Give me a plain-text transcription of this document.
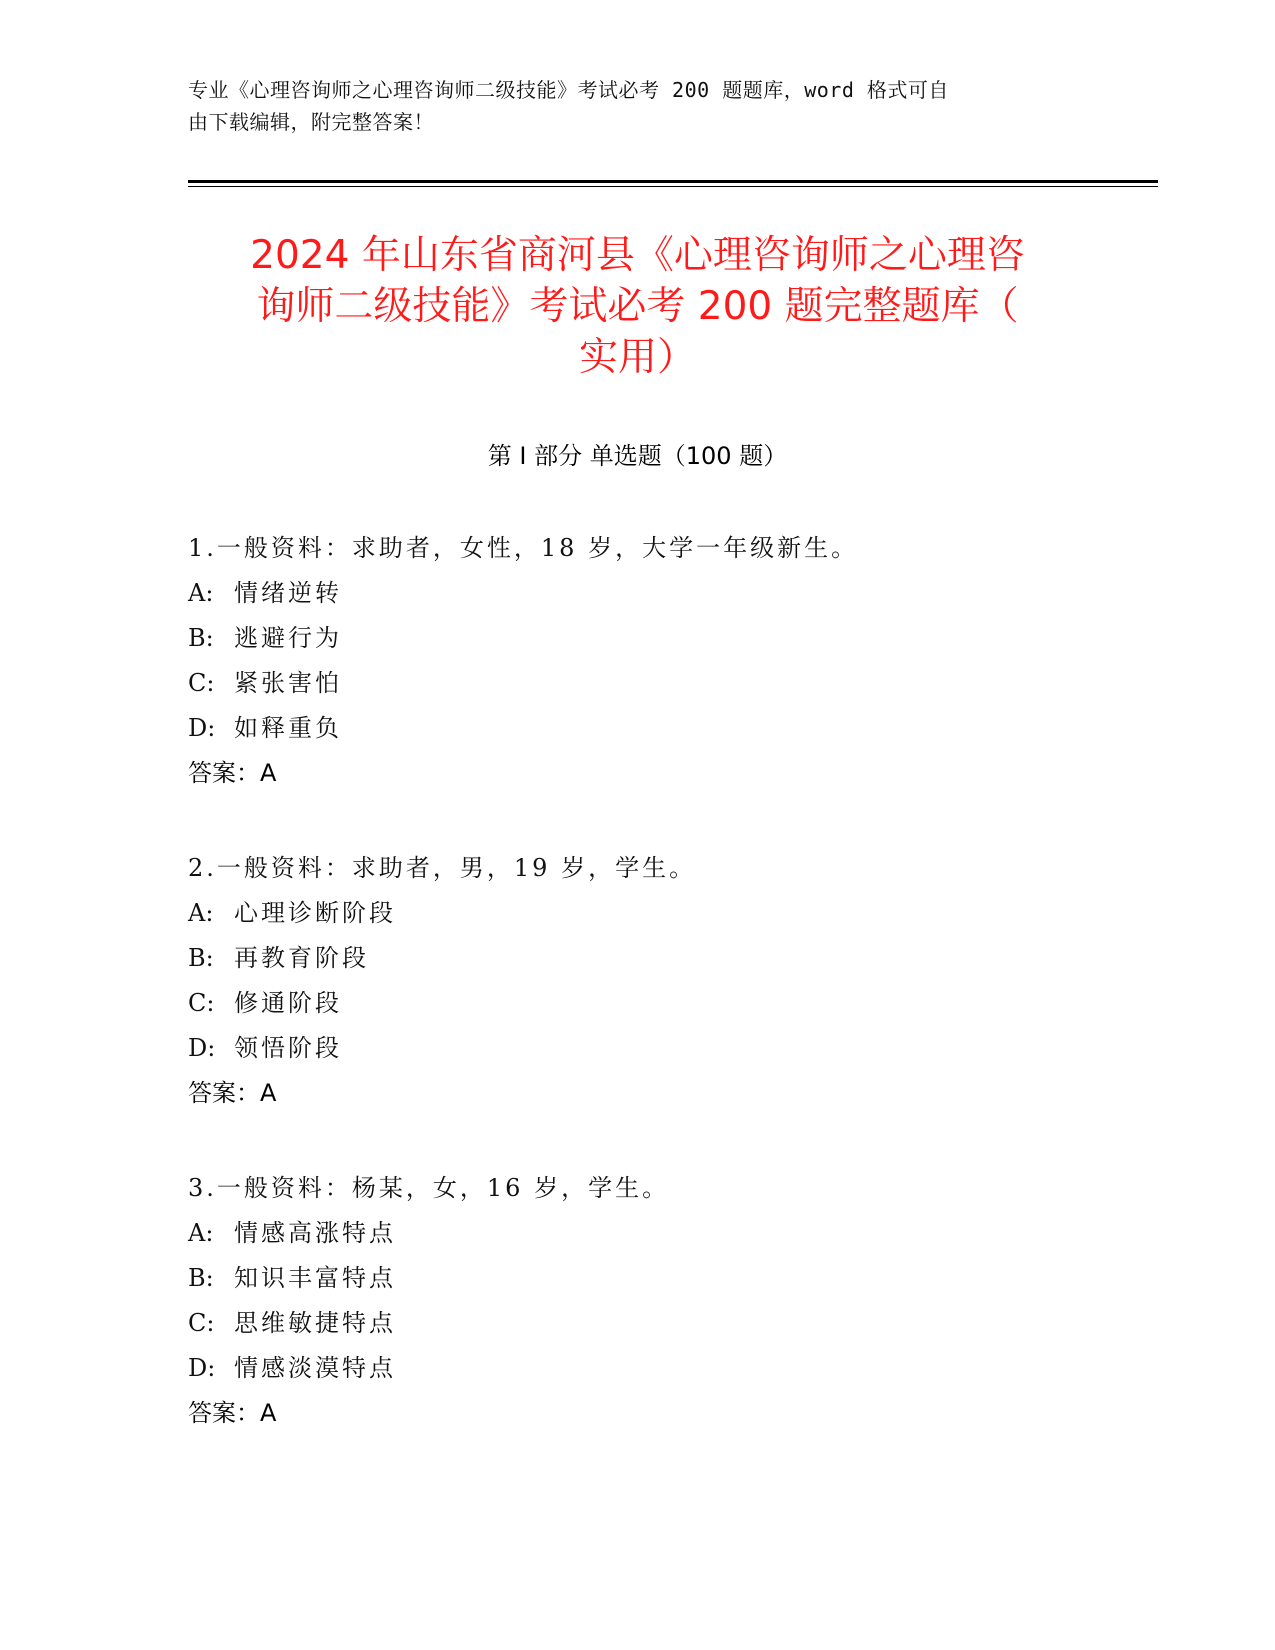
专业《心理咨询师之心理咨询师二级技能》考试必考 200 题题库，word 格式可自
由下载编辑，附完整答案！
2024 年山东省商河县《心理咨询师之心理咨
询师二级技能》考试必考 200 题完整题库（
实用）
第 I 部分 单选题（100 题）
1.一般资料：求助者，女性，18 岁，大学一年级新生。
A: 情绪逆转
B: 逃避行为
C: 紧张害怕
D: 如释重负
答案：A
2.一般资料：求助者，男，19 岁，学生。
A: 心理诊断阶段
B: 再教育阶段
C: 修通阶段
D: 领悟阶段
答案：A
3.一般资料：杨某，女，16 岁，学生。
A: 情感高涨特点
B: 知识丰富特点
C: 思维敏捷特点
D: 情感淡漠特点
答案：A
